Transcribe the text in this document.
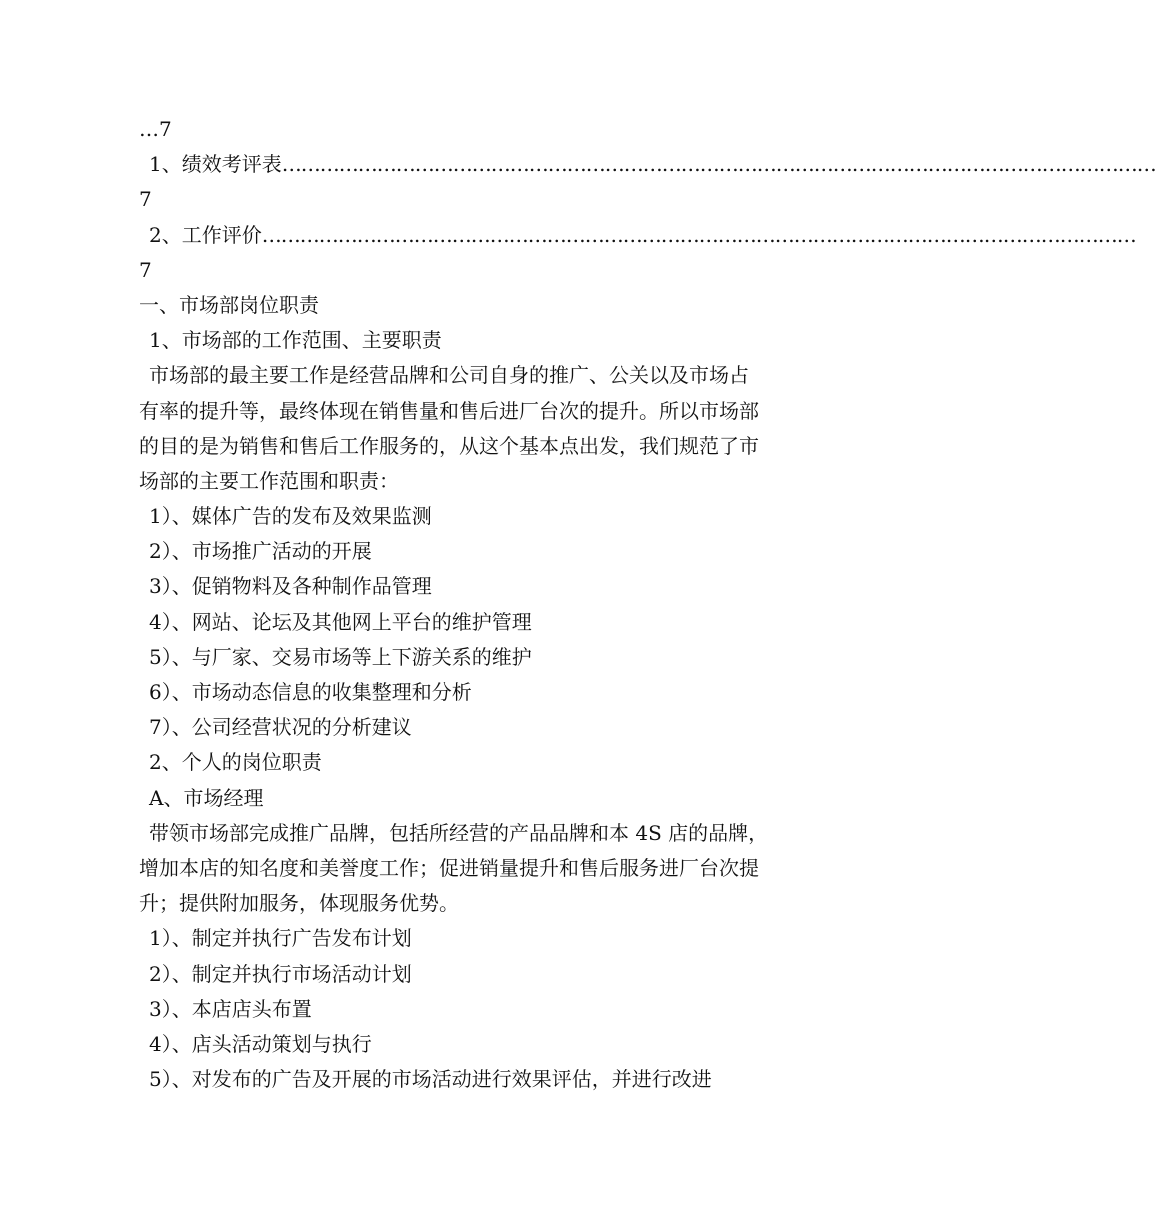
…7
1、绩效考评表 …………………………………………………………………………………………………………………………
7
2、工作评价 …………………………………………………………………………………………………………………………
7
一、市场部岗位职责
1、市场部的工作范围、主要职责
市场部的最主要工作是经营品牌和公司自身的推广、公关以及市场占
有率的提升等，最终体现在销售量和售后进厂台次的提升。所以市场部
的目的是为销售和售后工作服务的，从这个基本点出发，我们规范了市
场部的主要工作范围和职责：
1）、媒体广告的发布及效果监测
2）、市场推广活动的开展
3）、促销物料及各种制作品管理
4）、网站、论坛及其他网上平台的维护管理
5）、与厂家、交易市场等上下游关系的维护
6）、市场动态信息的收集整理和分析
7）、公司经营状况的分析建议
2、个人的岗位职责
A、市场经理
带领市场部完成推广品牌，包括所经营的产品品牌和本 4S 店的品牌，
增加本店的知名度和美誉度工作；促进销量提升和售后服务进厂台次提
升；提供附加服务，体现服务优势。
1）、制定并执行广告发布计划
2）、制定并执行市场活动计划
3）、本店店头布置
4）、店头活动策划与执行
5）、对发布的广告及开展的市场活动进行效果评估，并进行改进
